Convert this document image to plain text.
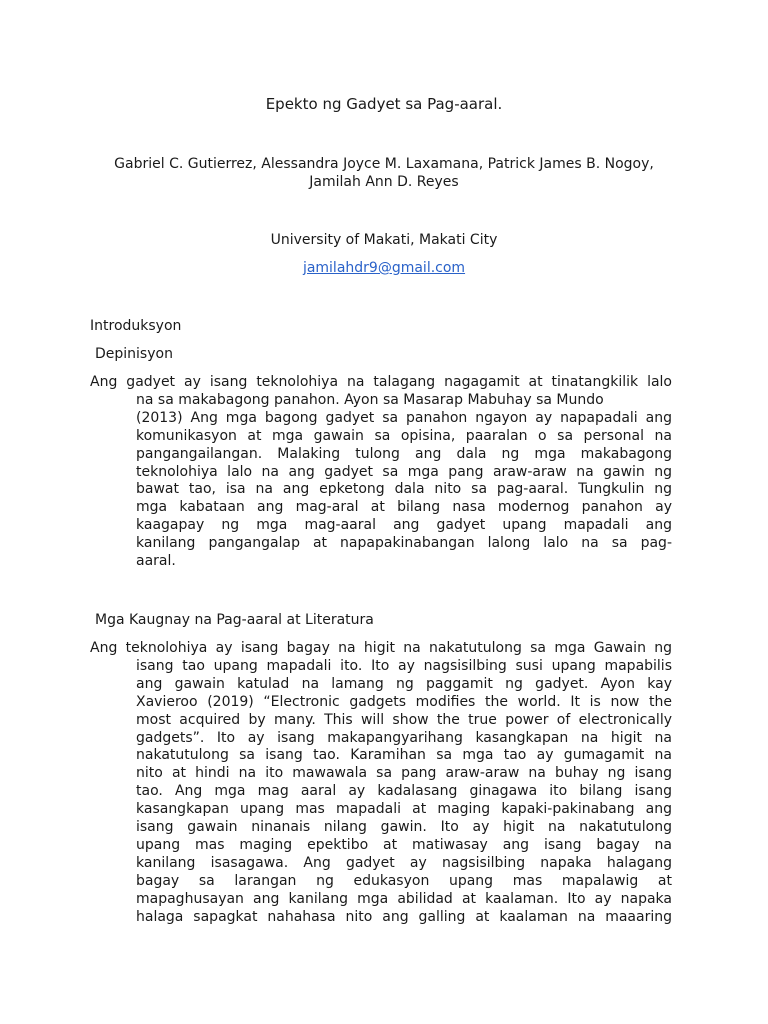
Epekto ng Gadyet sa Pag-aaral.
Gabriel C. Gutierrez, Alessandra Joyce M. Laxamana, Patrick James B. Nogoy,
Jamilah Ann D. Reyes
University of Makati, Makati City
jamilahdr9@gmail.com
Introduksyon
Depinisyon
Ang gadyet ay isang teknolohiya na talagang nagagamit at tinatangkilik lalo
na sa makabagong panahon. Ayon sa Masarap Mabuhay sa Mundo
(2013) Ang mga bagong gadyet sa panahon ngayon ay napapadali ang
komunikasyon at mga gawain sa opisina, paaralan o sa personal na
pangangailangan. Malaking tulong ang dala ng mga makabagong
teknolohiya lalo na ang gadyet sa mga pang araw-araw na gawin ng
bawat tao, isa na ang epketong dala nito sa pag-aaral. Tungkulin ng
mga kabataan ang mag-aral at bilang nasa modernog panahon ay
kaagapay ng mga mag-aaral ang gadyet upang mapadali ang
kanilang pangangalap at napapakinabangan lalong lalo na sa pag-
aaral.
Mga Kaugnay na Pag-aaral at Literatura
Ang teknolohiya ay isang bagay na higit na nakatutulong sa mga Gawain ng
isang tao upang mapadali ito. Ito ay nagsisilbing susi upang mapabilis
ang gawain katulad na lamang ng paggamit ng gadyet. Ayon kay
Xavieroo (2019) “Electronic gadgets modifies the world. It is now the
most acquired by many. This will show the true power of electronically
gadgets”. Ito ay isang makapangyarihang kasangkapan na higit na
nakatutulong sa isang tao. Karamihan sa mga tao ay gumagamit na
nito at hindi na ito mawawala sa pang araw-araw na buhay ng isang
tao. Ang mga mag aaral ay kadalasang ginagawa ito bilang isang
kasangkapan upang mas mapadali at maging kapaki-pakinabang ang
isang gawain ninanais nilang gawin. Ito ay higit na nakatutulong
upang mas maging epektibo at matiwasay ang isang bagay na
kanilang isasagawa. Ang gadyet ay nagsisilbing napaka halagang
bagay sa larangan ng edukasyon upang mas mapalawig at
mapaghusayan ang kanilang mga abilidad at kaalaman. Ito ay napaka
halaga sapagkat nahahasa nito ang galling at kaalaman na maaaring
